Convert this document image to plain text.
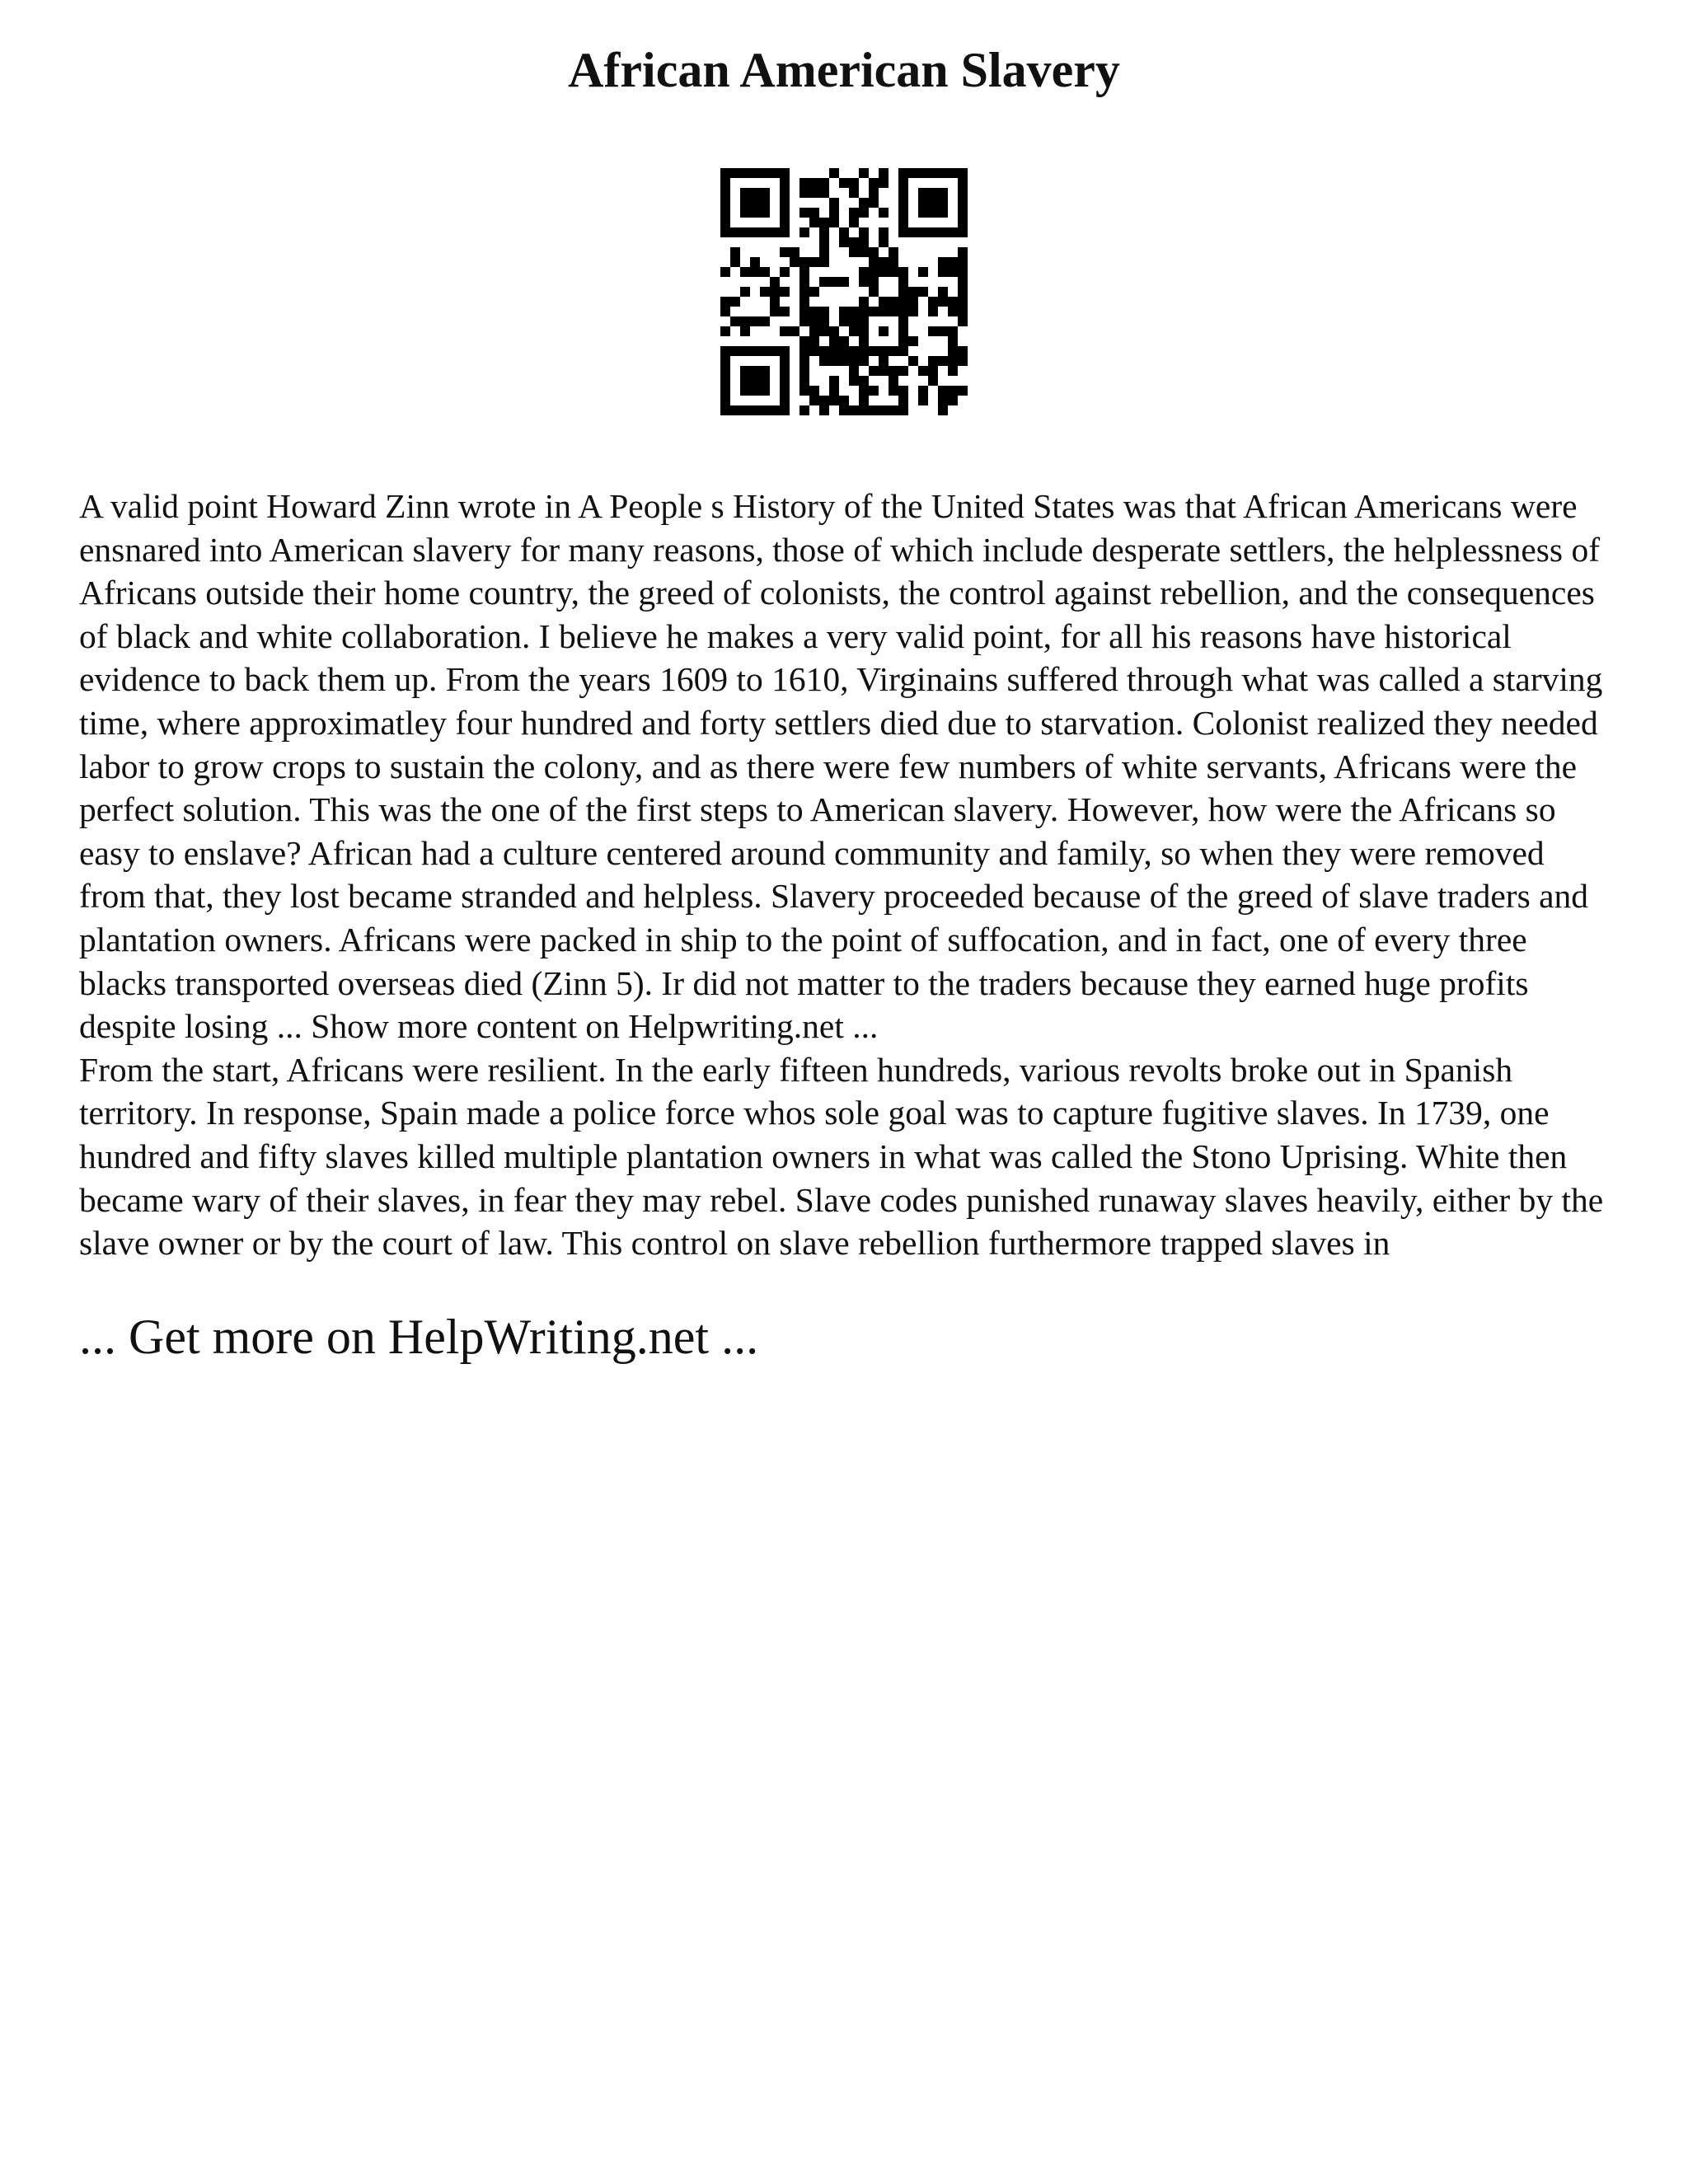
African American Slavery

A valid point Howard Zinn wrote in A People s History of the United States was that African Americans were ensnared into American slavery for many reasons, those of which include desperate settlers, the helplessness of Africans outside their home country, the greed of colonists, the control against rebellion, and the consequences of black and white collaboration. I believe he makes a very valid point, for all his reasons have historical evidence to back them up. From the years 1609 to 1610, Virginains suffered through what was called a starving time, where approximatley four hundred and forty settlers died due to starvation. Colonist realized they needed labor to grow crops to sustain the colony, and as there were few numbers of white servants, Africans were the perfect solution. This was the one of the first steps to American slavery. However, how were the Africans so easy to enslave? African had a culture centered around community and family, so when they were removed from that, they lost became stranded and helpless. Slavery proceeded because of the greed of slave traders and plantation owners. Africans were packed in ship to the point of suffocation, and in fact, one of every three blacks transported overseas died (Zinn 5). Ir did not matter to the traders because they earned huge profits despite losing ... Show more content on Helpwriting.net ...

From the start, Africans were resilient. In the early fifteen hundreds, various revolts broke out in Spanish territory. In response, Spain made a police force whos sole goal was to capture fugitive slaves. In 1739, one hundred and fifty slaves killed multiple plantation owners in what was called the Stono Uprising. White then became wary of their slaves, in fear they may rebel. Slave codes punished runaway slaves heavily, either by the slave owner or by the court of law. This control on slave rebellion furthermore trapped slaves in

... Get more on HelpWriting.net ...
